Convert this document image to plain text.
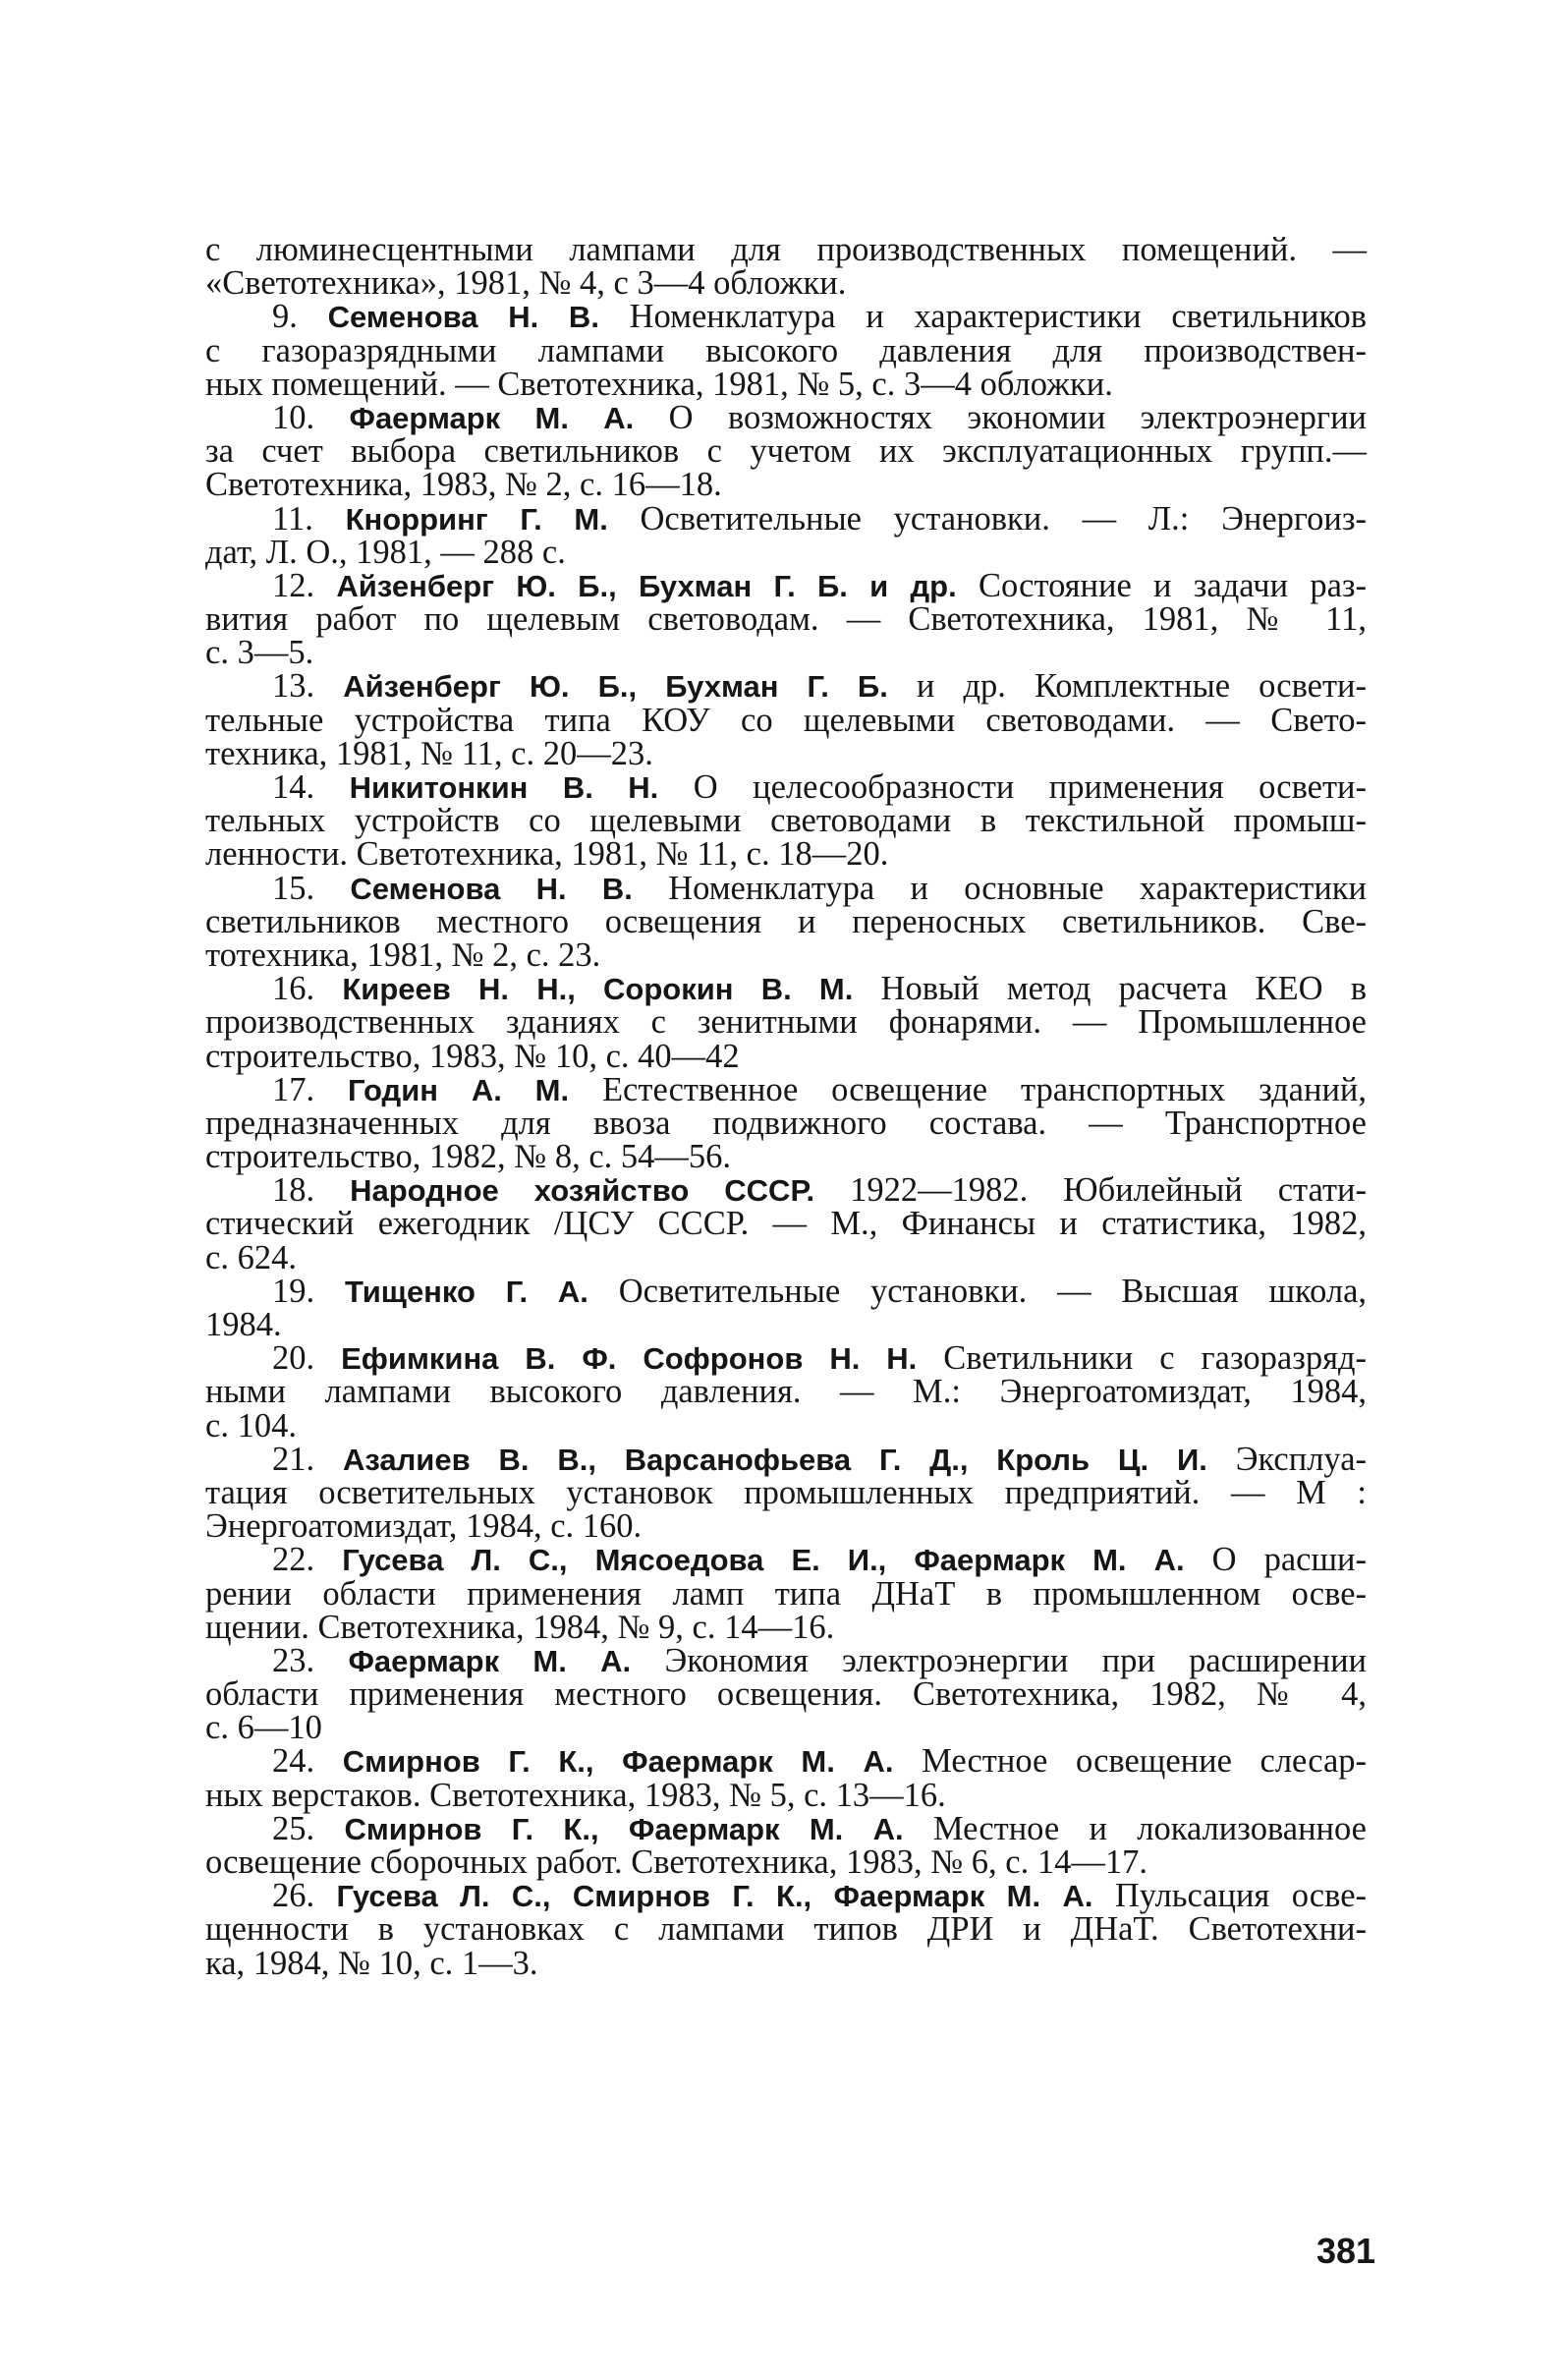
с люминесцентными лампами для производственных помещений. —
«Светотехника», 1981, № 4, с 3—4 обложки.
9. Семенова Н. В. Номенклатура и характеристики светильников
с газоразрядными лампами высокого давления для производствен-
ных помещений. — Светотехника, 1981, № 5, с. 3—4 обложки.
10. Фаермарк М. А. О возможностях экономии электроэнергии
за счет выбора светильников с учетом их эксплуатационных групп.—
Светотехника, 1983, № 2, с. 16—18.
11. Кнорринг Г. М. Осветительные установки. — Л.: Энергоиз-
дат, Л. О., 1981, — 288 с.
12. Айзенберг Ю. Б., Бухман Г. Б. и др. Состояние и задачи раз-
вития работ по щелевым световодам. — Светотехника, 1981, № 11,
с. 3—5.
13. Айзенберг Ю. Б., Бухман Г. Б. и др. Комплектные освети-
тельные устройства типа КОУ со щелевыми световодами. — Свето-
техника, 1981, № 11, с. 20—23.
14. Никитонкин В. Н. О целесообразности применения освети-
тельных устройств со щелевыми световодами в текстильной промыш-
ленности. Светотехника, 1981, № 11, с. 18—20.
15. Семенова Н. В. Номенклатура и основные характеристики
светильников местного освещения и переносных светильников. Све-
тотехника, 1981, № 2, с. 23.
16. Киреев Н. Н., Сорокин В. М. Новый метод расчета КЕО в
производственных зданиях с зенитными фонарями. — Промышленное
строительство, 1983, № 10, с. 40—42
17. Годин А. М. Естественное освещение транспортных зданий,
предназначенных для ввоза подвижного состава. — Транспортное
строительство, 1982, № 8, с. 54—56.
18. Народное хозяйство СССР. 1922—1982. Юбилейный стати-
стический ежегодник /ЦСУ СССР. — М., Финансы и статистика, 1982,
с. 624.
19. Тищенко Г. А. Осветительные установки. — Высшая школа,
1984.
20. Ефимкина В. Ф. Софронов Н. Н. Светильники с газоразряд-
ными лампами высокого давления. — М.: Энергоатомиздат, 1984,
с. 104.
21. Азалиев В. В., Варсанофьева Г. Д., Кроль Ц. И. Эксплуа-
тация осветительных установок промышленных предприятий. — М :
Энергоатомиздат, 1984, с. 160.
22. Гусева Л. С., Мясоедова Е. И., Фаермарк М. А. О расши-
рении области применения ламп типа ДНаТ в промышленном осве-
щении. Светотехника, 1984, № 9, с. 14—16.
23. Фаермарк М. А. Экономия электроэнергии при расширении
области применения местного освещения. Светотехника, 1982, № 4,
с. 6—10
24. Смирнов Г. К., Фаермарк М. А. Местное освещение слесар-
ных верстаков. Светотехника, 1983, № 5, с. 13—16.
25. Смирнов Г. К., Фаермарк М. А. Местное и локализованное
освещение сборочных работ. Светотехника, 1983, № 6, с. 14—17.
26. Гусева Л. С., Смирнов Г. К., Фаермарк М. А. Пульсация осве-
щенности в установках с лампами типов ДРИ и ДНаТ. Светотехни-
ка, 1984, № 10, с. 1—3.
381
